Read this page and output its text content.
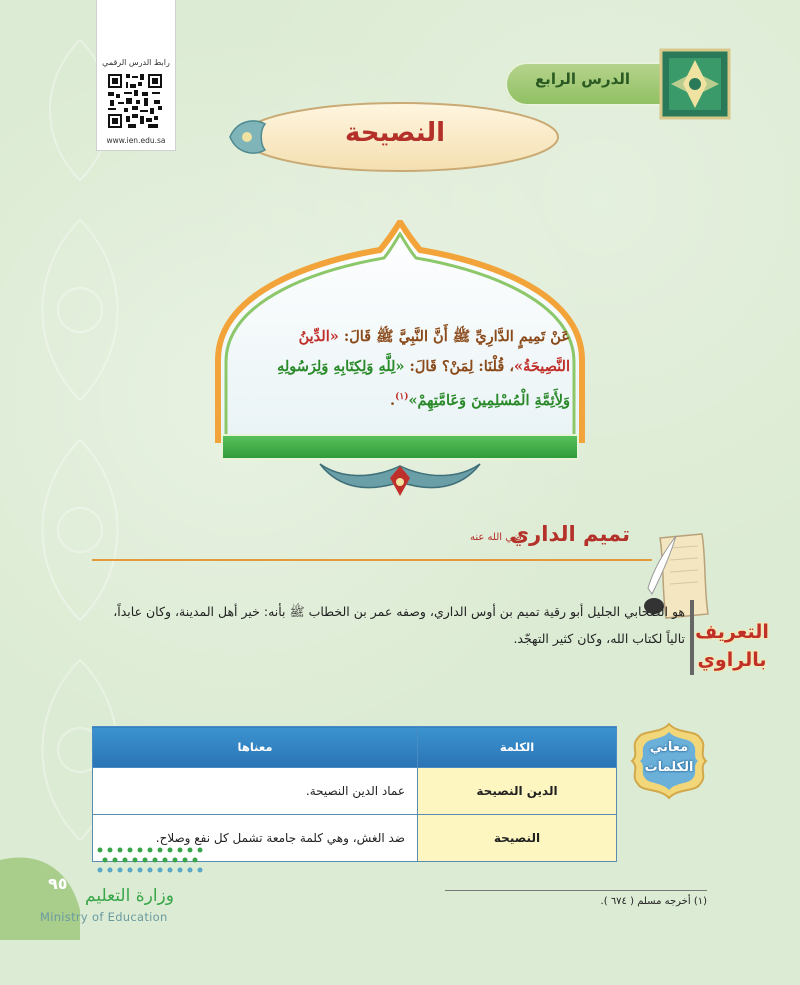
رابط الدرس الرقمي
www.ien.edu.sa
الدرس الرابع
النصيحة
عَنْ تَمِيمٍ الدَّارِيِّ ﷺ أَنَّ النَّبِيَّ ﷺ قَالَ: «الدِّينُ النَّصِيحَةُ»، قُلْنَا: لِمَنْ؟ قَالَ: «لِلَّهِ وَلِكِتَابِهِ وَلِرَسُولِهِ وَلِأَئِمَّةِ الْمُسْلِمِينَ وَعَامَّتِهِمْ»$^{(١)}$.
تميم الداري
رضي الله عنه
التعريف
بالراوي
هو الصحابي الجليل أبو رقية تميم بن أوس الداري، وصفه عمر بن الخطاب ﷺ بأنه: خير أهل المدينة، وكان عابداً، تالياً لكتاب الله، وكان كثير التهجّد.
معاني
الكلمات
الكلمة	معناها
الدين النصيحة	عماد الدين النصيحة.
النصيحة	ضد الغش، وهي كلمة جامعة تشمل كل نفع وصلاح.
(١) أخرجه مسلم ( ٦٧٤ ).
٩٥
وزارة التعليم
Ministry of Education
